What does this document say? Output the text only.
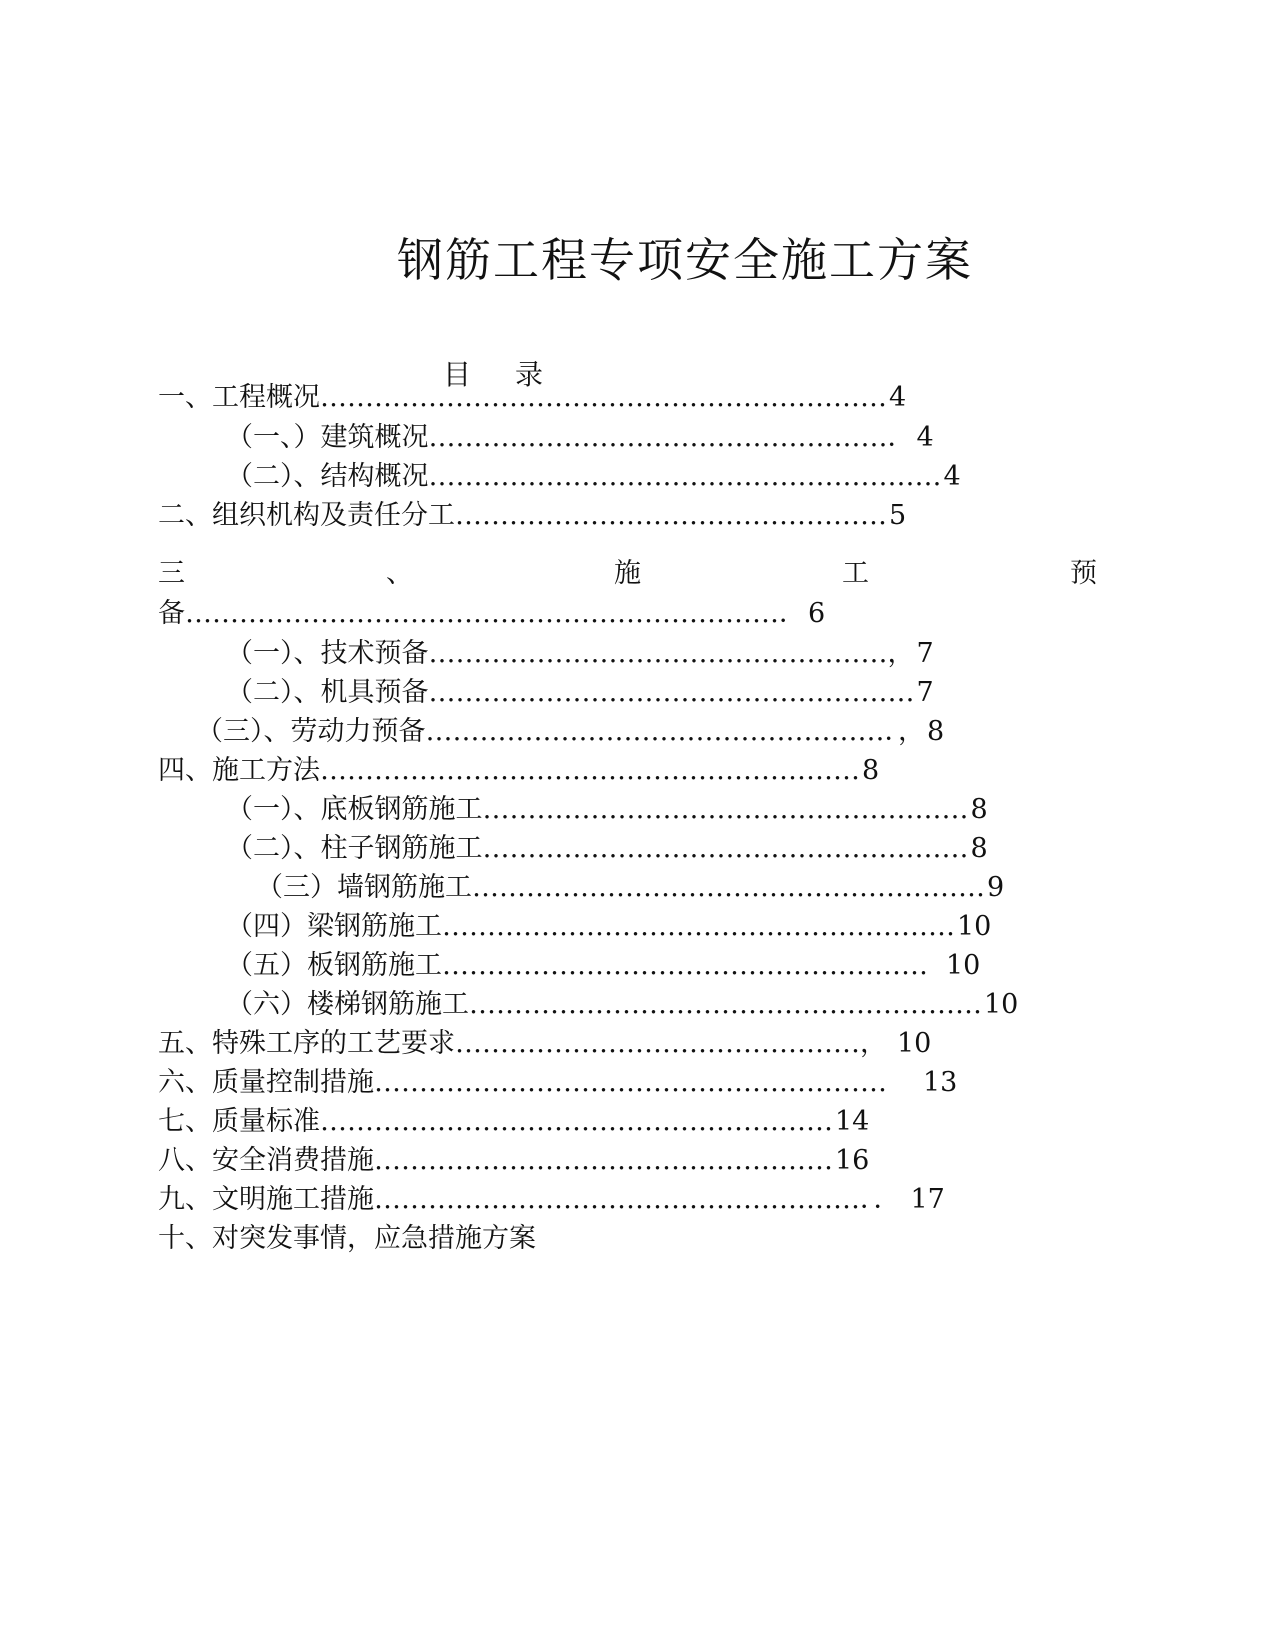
钢筋工程专项安全施工方案
目录
一、工程概况………………………………………………………4
（一、）建筑概况……………………………………………．4
（二）、结构概况…………………………………………………4
二、组织机构及责任分工…………………………………………5
三	、	施	工	预
备…………………………………………………………．6
（一）、技术预备……………………………………………，7
（二）、机具预备………………………………………………7
（三）、劳动力预备……………………………………………．，8
四、施工方法……………………………………………………8
（一）、底板钢筋施工………………………………………………8
（二）、柱子钢筋施工………………………………………………8
（三）墙钢筋施工…………………………………………………9
（四）梁钢筋施工…………………………………………………10
（五）板钢筋施工……………………………………………… 10
（六）楼梯钢筋施工…………………………………………………10
五、特殊工序的工艺要求………………………………………， 10
六、质量控制措施………………………………………………… 13
七、质量标准…………………………………………………14
八、安全消费措施……………………………………………16
九、文明施工措施………………………………………………．． 17
十、对突发事情，应急措施方案
